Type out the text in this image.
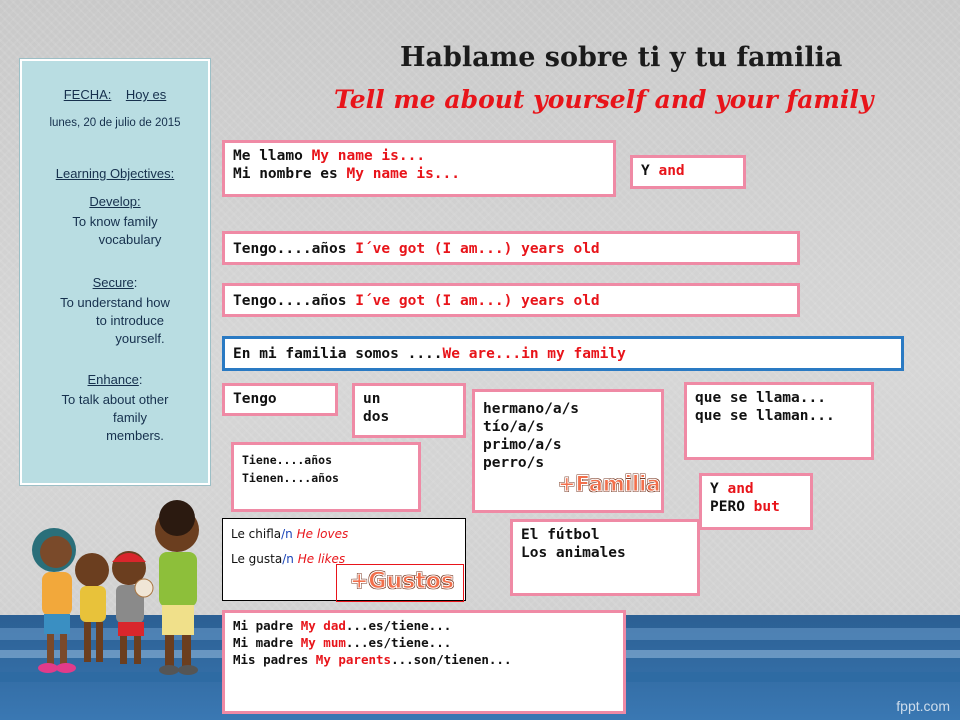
FECHA: Hoy es
lunes, 20 de julio de 2015
Learning Objectives:
Develop:
To know family
vocabulary
Secure:
To understand how
to introduce
yourself.
Enhance:
To talk about other
family
members.
Hablame sobre ti y tu familia
Tell me about yourself and your family
Me llamo My name is...
Mi nombre es My name is...	Y and
Tengo....años I´ve got (I am...) years old
Tengo....años I´ve got (I am...) years old
En mi familia somos ....We are...in my family
Tengo	un
dos	hermano/a/s
tío/a/s
primo/a/s
perro/s
+Familia
que se llama...
que se llaman...
Tiene....años
Tienen....años
Y and
PERO but
Le chifla/n He loves
Le gusta/n He likes
+Gustos
El fútbol
Los animales
Mi padre My dad...es/tiene...
Mi madre My mum...es/tiene...
Mis padres My parents...son/tienen...
fppt.com
